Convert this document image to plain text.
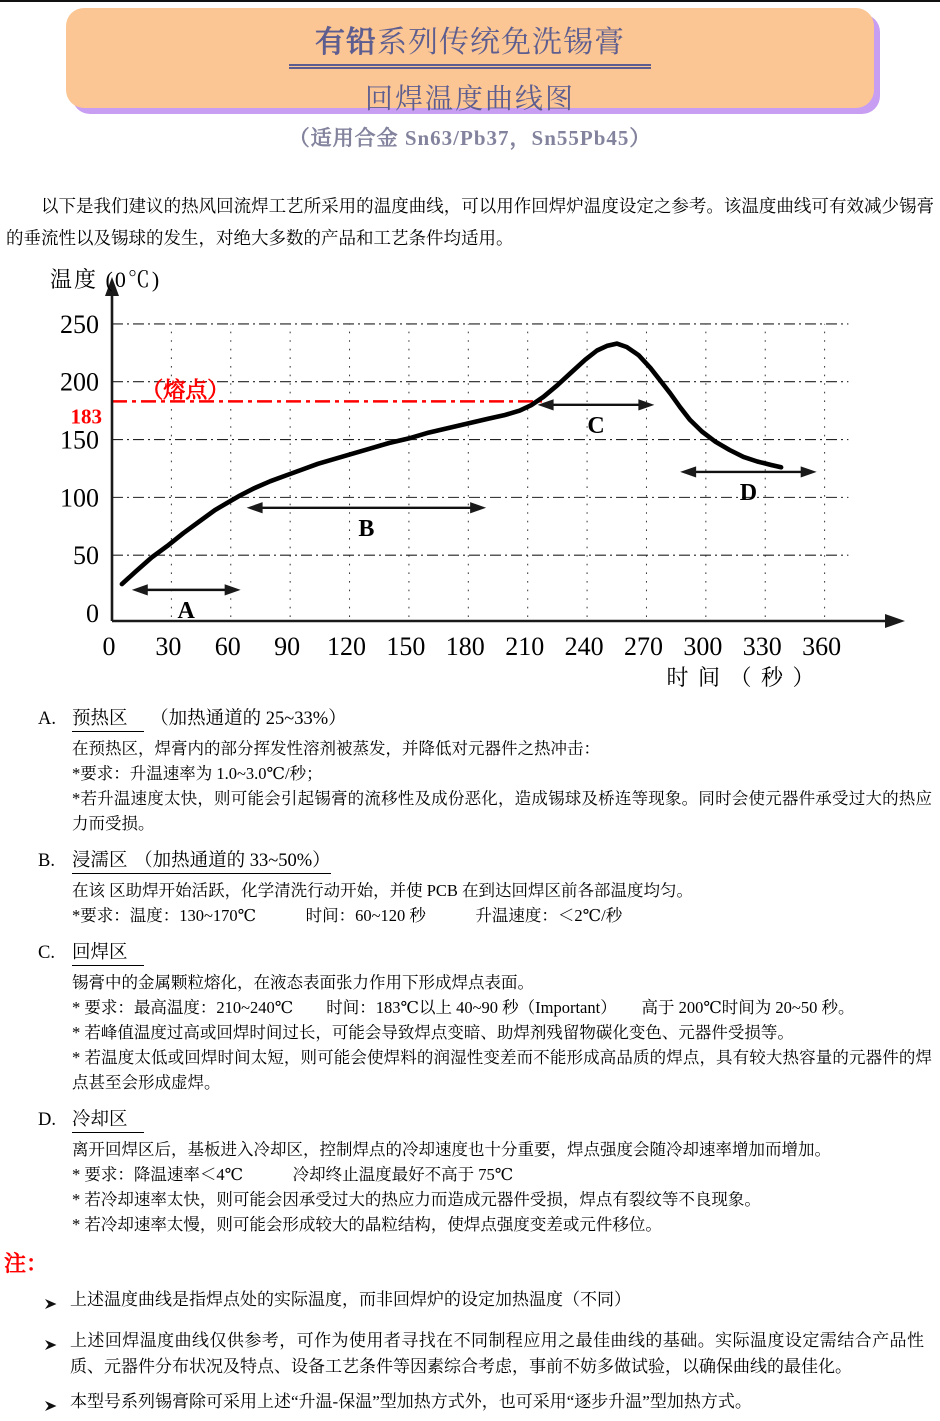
有铅系列传统免洗锡膏
回焊温度曲线图
（适用合金 Sn63/Pb37，Sn55Pb45）

以下是我们建议的热风回流焊工艺所采用的温度曲线，可以用作回焊炉温度设定之参考。该温度曲线可有效减少锡膏的垂流性以及锡球的发生，对绝大多数的产品和工艺条件均适用。

A
B
C
D
0
50
100
150
200
250
0 30 60 90 120 150 180 210 240 270 300 330 360
183
（熔点）
温度 (0℃)
时 间 （ 秒 ）
A. 预热区 （加热通道的 25~33%）
在预热区，焊膏内的部分挥发性溶剂被蒸发，并降低对元器件之热冲击：
*要求：升温速率为 1.0~3.0℃/秒；
*若升温速度太快，则可能会引起锡膏的流移性及成份恶化，造成锡球及桥连等现象。同时会使元器件承受过大的热应力而受损。
B. 浸濡区 （加热通道的 33~50%）
在该 区助焊开始活跃，化学清洗行动开始，并使 PCB 在到达回焊区前各部温度均匀。
*要求：温度：130~170℃　　　时间：60~120 秒　　　升温速度：＜2℃/秒
C. 回焊区
锡膏中的金属颗粒熔化，在液态表面张力作用下形成焊点表面。
* 要求：最高温度：210~240℃　　时间：183℃以上 40~90 秒（Important）　　高于 200℃时间为 20~50 秒。
* 若峰值温度过高或回焊时间过长，可能会导致焊点变暗、助焊剂残留物碳化变色、元器件受损等。
* 若温度太低或回焊时间太短，则可能会使焊料的润湿性变差而不能形成高品质的焊点，具有较大热容量的元器件的焊点甚至会形成虚焊。
D. 冷却区
离开回焊区后，基板进入冷却区，控制焊点的冷却速度也十分重要，焊点强度会随冷却速率增加而增加。
* 要求：降温速率＜4℃　　　冷却终止温度最好不高于 75℃
* 若冷却速率太快，则可能会因承受过大的热应力而造成元器件受损，焊点有裂纹等不良现象。
* 若冷却速率太慢，则可能会形成较大的晶粒结构，使焊点强度变差或元件移位。
注：
上述温度曲线是指焊点处的实际温度，而非回焊炉的设定加热温度（不同）
上述回焊温度曲线仅供参考，可作为使用者寻找在不同制程应用之最佳曲线的基础。实际温度设定需结合产品性质、元器件分布状况及特点、设备工艺条件等因素综合考虑，事前不妨多做试验，以确保曲线的最佳化。
本型号系列锡膏除可采用上述“升温-保温”型加热方式外，也可采用“逐步升温”型加热方式。
